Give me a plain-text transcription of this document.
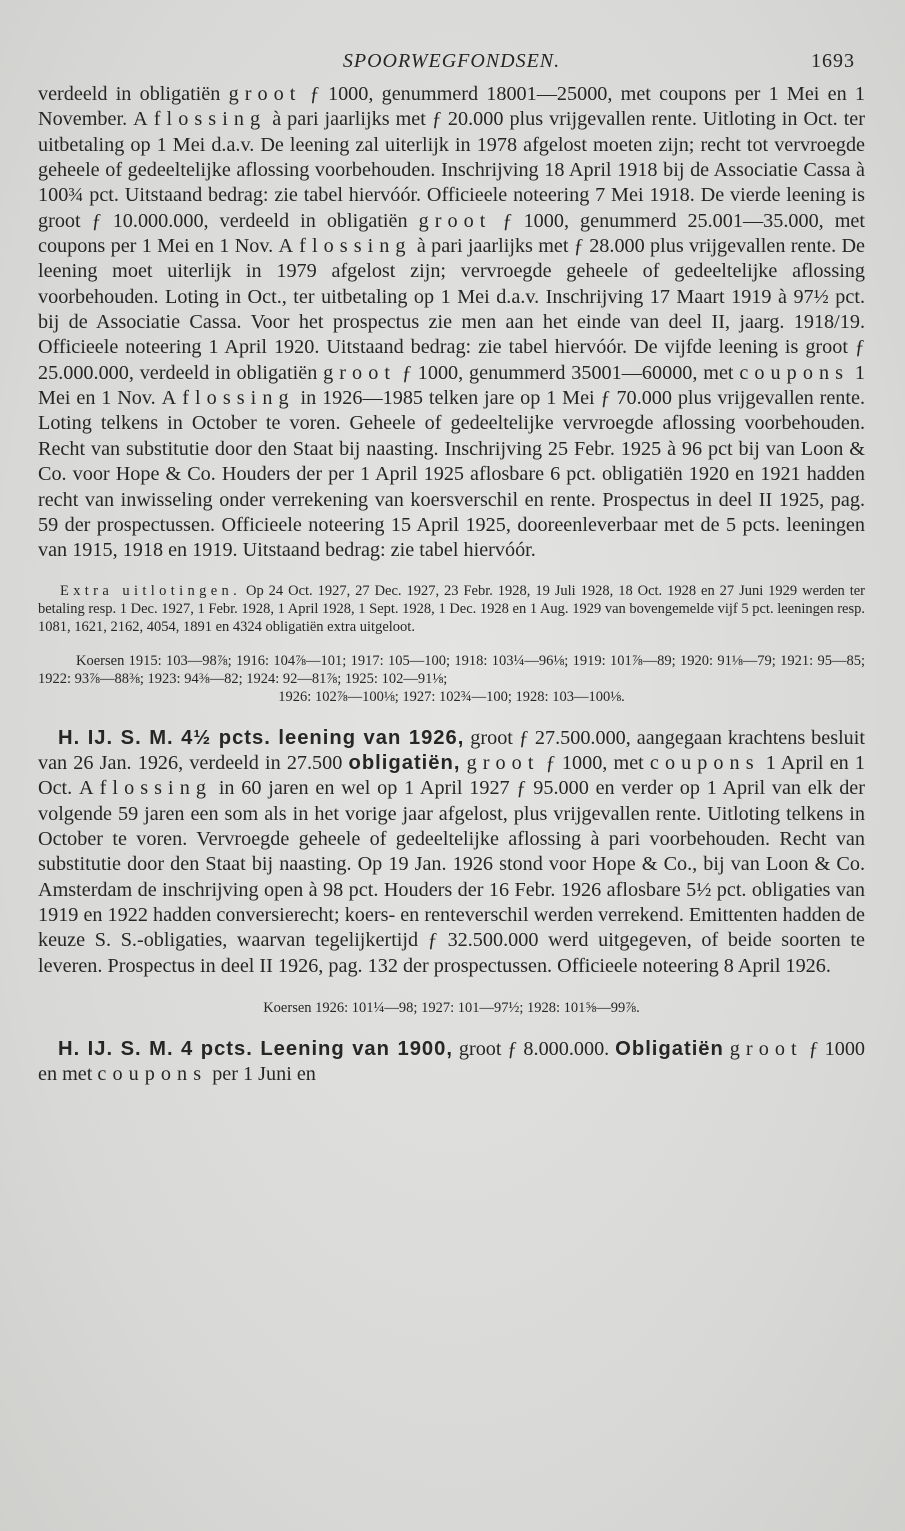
SPOORWEGFONDSEN.	1693

verdeeld in obligatiën groot ƒ 1000, genummerd 18001—25000, met coupons per 1 Mei en 1 November. Aflossing à pari jaarlijks met ƒ 20.000 plus vrijgevallen rente. Uitloting in Oct. ter uitbetaling op 1 Mei d.a.v. De leening zal uiterlijk in 1978 afgelost moeten zijn; recht tot vervroegde geheele of gedeeltelijke aflossing voorbehouden. Inschrijving 18 April 1918 bij de Associatie Cassa à 100¾ pct. Uitstaand bedrag: zie tabel hiervóór. Officieele noteering 7 Mei 1918. De vierde leening is groot ƒ 10.000.000, verdeeld in obligatiën groot ƒ 1000, genummerd 25.001—35.000, met coupons per 1 Mei en 1 Nov. Aflossing à pari jaarlijks met ƒ 28.000 plus vrijgevallen rente. De leening moet uiterlijk in 1979 afgelost zijn; vervroegde geheele of gedeeltelijke aflossing voorbehouden. Loting in Oct., ter uitbetaling op 1 Mei d.a.v. Inschrijving 17 Maart 1919 à 97½ pct. bij de Associatie Cassa. Voor het prospectus zie men aan het einde van deel II, jaarg. 1918/19. Officieele noteering 1 April 1920. Uitstaand bedrag: zie tabel hiervóór. De vijfde leening is groot ƒ 25.000.000, verdeeld in obligatiën groot ƒ 1000, genummerd 35001—60000, met coupons 1 Mei en 1 Nov. Aflossing in 1926—1985 telken jare op 1 Mei ƒ 70.000 plus vrijgevallen rente. Loting telkens in October te voren. Geheele of gedeeltelijke vervroegde aflossing voorbehouden. Recht van substitutie door den Staat bij naasting. Inschrijving 25 Febr. 1925 à 96 pct bij van Loon & Co. voor Hope & Co. Houders der per 1 April 1925 aflosbare 6 pct. obligatiën 1920 en 1921 hadden recht van inwisseling onder verrekening van koersverschil en rente. Prospectus in deel II 1925, pag. 59 der prospectussen. Officieele noteering 15 April 1925, dooreenleverbaar met de 5 pcts. leeningen van 1915, 1918 en 1919. Uitstaand bedrag: zie tabel hiervóór.

Extra uitlotingen. Op 24 Oct. 1927, 27 Dec. 1927, 23 Febr. 1928, 19 Juli 1928, 18 Oct. 1928 en 27 Juni 1929 werden ter betaling resp. 1 Dec. 1927, 1 Febr. 1928, 1 April 1928, 1 Sept. 1928, 1 Dec. 1928 en 1 Aug. 1929 van bovengemelde vijf 5 pct. leeningen resp. 1081, 1621, 2162, 4054, 1891 en 4324 obligatiën extra uitgeloot.

Koersen 1915: 103—98⅞; 1916: 104⅞—101; 1917: 105—100; 1918: 103¼—96⅛; 1919: 101⅞—89; 1920: 91⅛—79; 1921: 95—85; 1922: 93⅞—88⅜; 1923: 94⅜—82; 1924: 92—81⅞; 1925: 102—91⅛;

1926: 102⅞—100⅛; 1927: 102¾—100; 1928: 103—100⅛.

H. IJ. S. M. 4½ pcts. leening van 1926, groot ƒ 27.500.000, aangegaan krachtens besluit van 26 Jan. 1926, verdeeld in 27.500 obligatiën, groot ƒ 1000, met coupons 1 April en 1 Oct. Aflossing in 60 jaren en wel op 1 April 1927 ƒ 95.000 en verder op 1 April van elk der volgende 59 jaren een som als in het vorige jaar afgelost, plus vrijgevallen rente. Uitloting telkens in October te voren. Vervroegde geheele of gedeeltelijke aflossing à pari voorbehouden. Recht van substitutie door den Staat bij naasting. Op 19 Jan. 1926 stond voor Hope & Co., bij van Loon & Co. Amsterdam de inschrijving open à 98 pct. Houders der 16 Febr. 1926 aflosbare 5½ pct. obligaties van 1919 en 1922 hadden conversierecht; koers- en renteverschil werden verrekend. Emittenten hadden de keuze S. S.-obligaties, waarvan tegelijkertijd ƒ 32.500.000 werd uitgegeven, of beide soorten te leveren. Prospectus in deel II 1926, pag. 132 der prospectussen. Officieele noteering 8 April 1926.

Koersen 1926: 101¼—98; 1927: 101—97½; 1928: 101⅝—99⅞.

H. IJ. S. M. 4 pcts. Leening van 1900, groot ƒ 8.000.000. Obligatiën groot ƒ 1000 en met coupons per 1 Juni en
